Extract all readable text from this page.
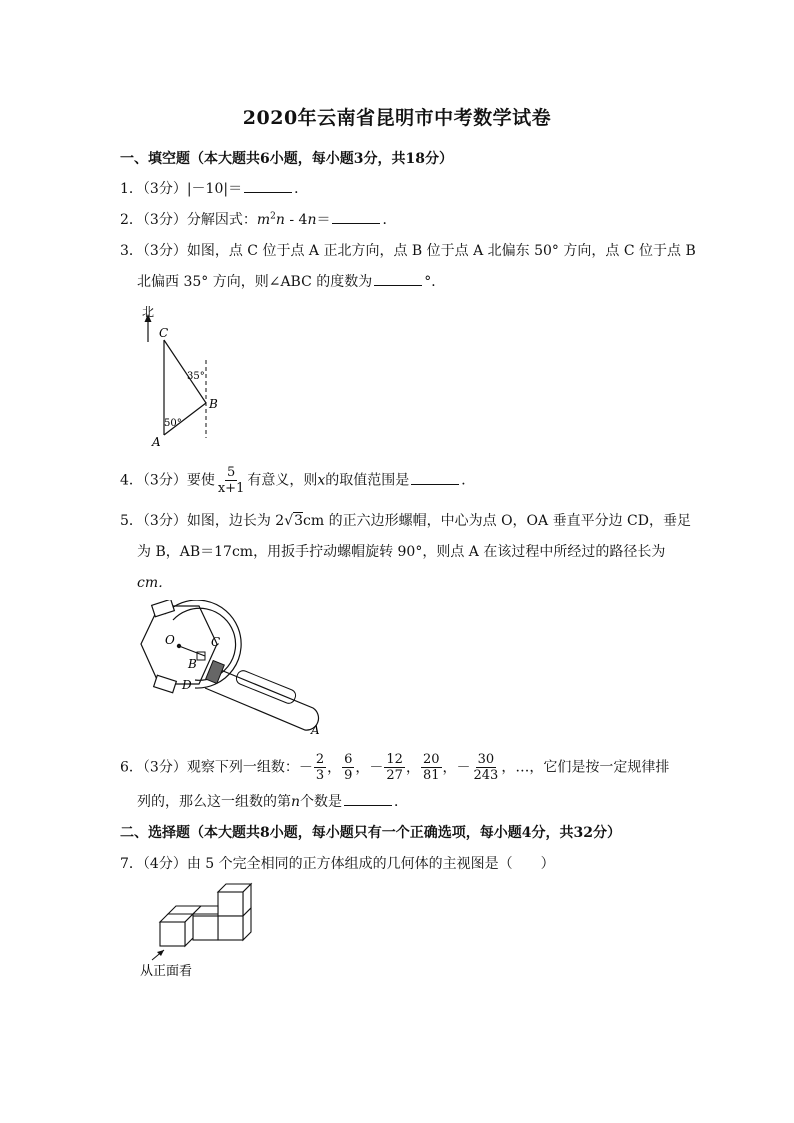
2020年云南省昆明市中考数学试卷
一、填空题（本大题共6小题，每小题3分，共18分）
1．（3分）|－10|＝	．
2．（3分）分解因式：$m^2n - 4n=$	．
3．（3分）如图，点 C 位于点 A 正北方向，点 B 位于点 A 北偏东 50° 方向，点 C 位于点 B
北偏西 35° 方向，则∠ABC 的度数为	°．
北
C
B
A
35°
50°
4．（3分）要使 $\frac{5}{x+1}$ 有意义，则x的取值范围是	．
5．（3分）如图，边长为 2√3cm 的正六边形螺帽，中心为点 O，OA 垂直平分边 CD，垂足
为 B，AB＝17cm，用扳手拧动螺帽旋转 90°，则点 A 在该过程中所经过的路径长为
cm．
O	C
B
D
A
6．（3分）观察下列一组数：－ $\frac{2}{3}$ ， $\frac{6}{9}$ ，－ $\frac{12}{27}$ ， $\frac{20}{81}$ ，－ $\frac{30}{243}$ ，…，它们是按一定规律排
列的，那么这一组数的第n个数是	．
二、选择题（本大题共8小题，每小题只有一个正确选项，每小题4分，共32分）
7．（4分）由 5 个完全相同的正方体组成的几何体的主视图是（　　）
从正面看
